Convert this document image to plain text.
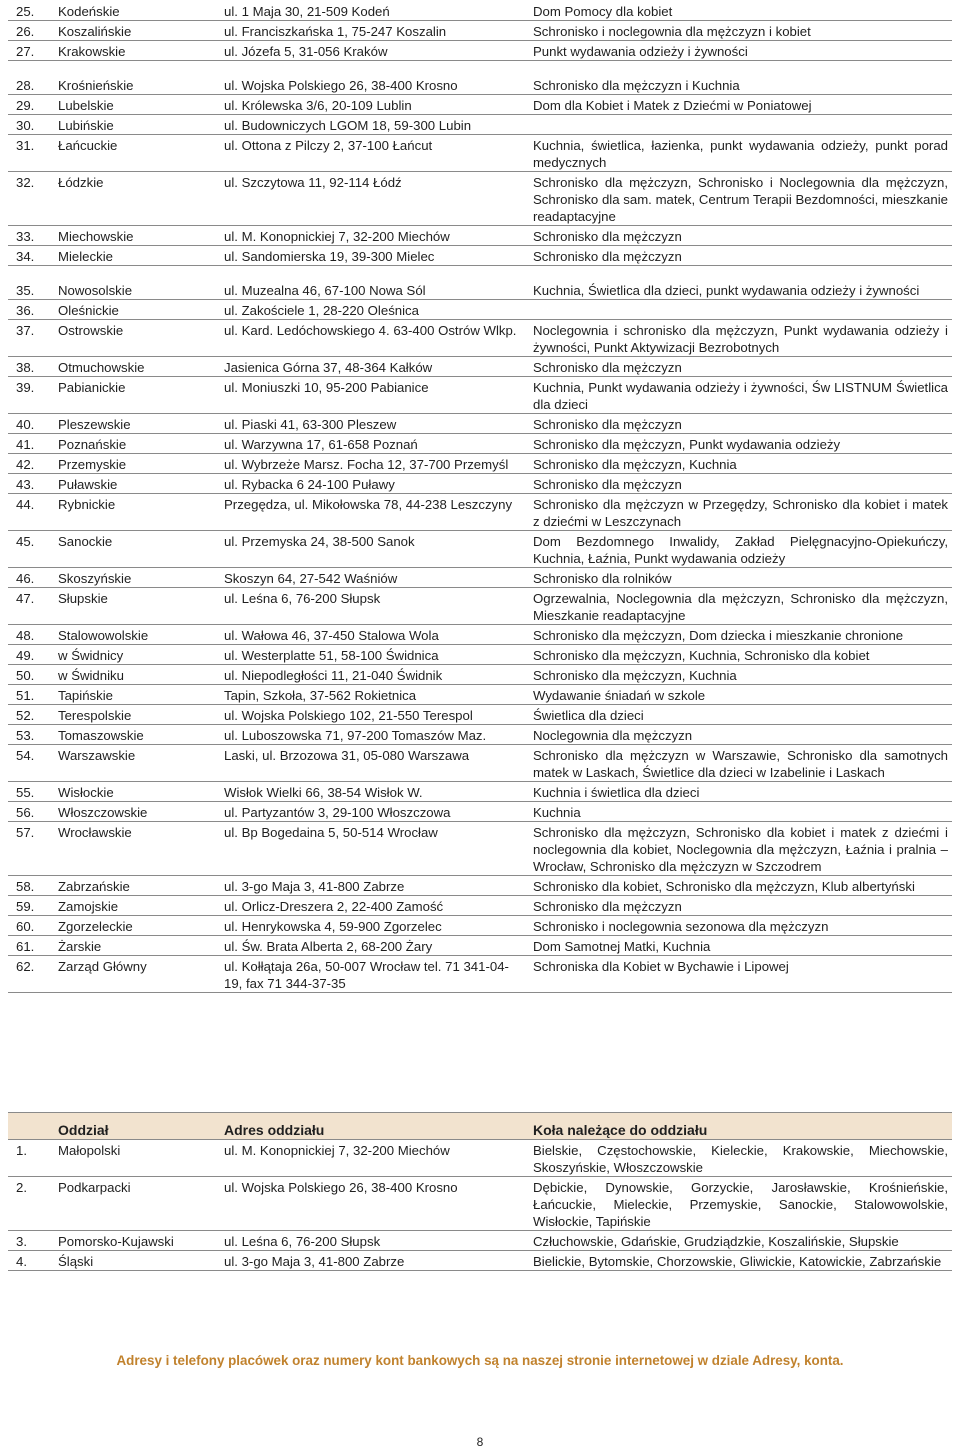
25.	Kodeńskie	ul. 1 Maja 30, 21-509 Kodeń	Dom Pomocy dla kobiet
26.	Koszalińskie	ul. Franciszkańska 1, 75-247 Koszalin	Schronisko i noclegownia dla mężczyzn i kobiet
27.	Krakowskie	ul. Józefa 5, 31-056 Kraków	Punkt wydawania odzieży i żywności

28.	Krośnieńskie	ul. Wojska Polskiego 26, 38-400 Krosno	Schronisko dla mężczyzn i Kuchnia
29.	Lubelskie	ul. Królewska 3/6, 20-109 Lublin	Dom dla Kobiet i Matek z Dziećmi w Poniatowej
30.	Lubińskie	ul. Budowniczych LGOM 18, 59-300 Lubin	
31.	Łańcuckie	ul. Ottona z Pilczy 2, 37-100 Łańcut	Kuchnia, świetlica, łazienka, punkt wydawania odzieży, punkt porad medycznych
32.	Łódzkie	ul. Szczytowa 11, 92-114 Łódź	Schronisko dla mężczyzn, Schronisko i Noclegownia dla mężczyzn, Schronisko dla sam. matek, Centrum Terapii Bezdomności, mieszkanie readaptacyjne
33.	Miechowskie	ul. M. Konopnickiej 7, 32-200 Miechów	Schronisko dla mężczyzn
34.	Mieleckie	ul. Sandomierska 19, 39-300 Mielec	Schronisko dla mężczyzn

35.	Nowosolskie	ul. Muzealna 46, 67-100 Nowa Sól	Kuchnia, Świetlica dla dzieci, punkt wydawania odzieży i żywności
36.	Oleśnickie	ul. Zakościele 1, 28-220 Oleśnica	
37.	Ostrowskie	ul. Kard. Ledóchowskiego 4. 63-400 Ostrów Wlkp.	Noclegownia i schronisko dla mężczyzn, Punkt wydawania odzieży i żywności, Punkt Aktywizacji Bezrobotnych
38.	Otmuchowskie	Jasienica Górna 37, 48-364 Kałków	Schronisko dla mężczyzn
39.	Pabianickie	ul. Moniuszki 10, 95-200 Pabianice	Kuchnia, Punkt wydawania odzieży i żywności, Św LISTNUM Świetlica dla dzieci
40.	Pleszewskie	ul. Piaski 41, 63-300 Pleszew	Schronisko dla mężczyzn
41.	Poznańskie	ul. Warzywna 17, 61-658 Poznań	Schronisko dla mężczyzn, Punkt wydawania odzieży
42.	Przemyskie	ul. Wybrzeże Marsz. Focha 12, 37-700 Przemyśl	Schronisko dla mężczyzn, Kuchnia
43.	Puławskie	ul. Rybacka 6 24-100 Puławy	Schronisko dla mężczyzn
44.	Rybnickie	Przegędza, ul. Mikołowska 78, 44-238 Leszczyny	Schronisko dla mężczyzn w Przegędzy, Schronisko dla kobiet i matek z dziećmi w Leszczynach
45.	Sanockie	ul. Przemyska 24, 38-500 Sanok	Dom Bezdomnego Inwalidy, Zakład Pielęgnacyjno-Opiekuńczy, Kuchnia, Łaźnia, Punkt wydawania odzieży
46.	Skoszyńskie	Skoszyn 64, 27-542 Waśniów	Schronisko dla rolników
47.	Słupskie	ul. Leśna 6, 76-200 Słupsk	Ogrzewalnia, Noclegownia dla mężczyzn, Schronisko dla mężczyzn, Mieszkanie readaptacyjne
48.	Stalowowolskie	ul. Wałowa 46, 37-450 Stalowa Wola	Schronisko dla mężczyzn, Dom dziecka i mieszkanie chronione
49.	w Świdnicy	ul. Westerplatte 51, 58-100 Świdnica	Schronisko dla mężczyzn, Kuchnia, Schronisko dla kobiet
50.	w Świdniku	ul. Niepodległości 11, 21-040 Świdnik	Schronisko dla mężczyzn, Kuchnia
51.	Tapińskie	Tapin, Szkoła, 37-562 Rokietnica	Wydawanie śniadań w szkole
52.	Terespolskie	ul. Wojska Polskiego 102, 21-550 Terespol	Świetlica dla dzieci
53.	Tomaszowskie	ul. Luboszowska 71, 97-200 Tomaszów Maz.	Noclegownia dla mężczyzn
54.	Warszawskie	Laski, ul. Brzozowa 31, 05-080 Warszawa	Schronisko dla mężczyzn w Warszawie, Schronisko dla samotnych matek w Laskach, Świetlice dla dzieci w Izabelinie i Laskach
55.	Wisłockie	Wisłok Wielki 66, 38-54 Wisłok W.	Kuchnia i świetlica dla dzieci
56.	Włoszczowskie	ul. Partyzantów 3, 29-100 Włoszczowa	Kuchnia
57.	Wrocławskie	ul. Bp Bogedaina 5, 50-514 Wrocław	Schronisko dla mężczyzn, Schronisko dla kobiet i matek z dziećmi i noclegownia dla kobiet, Noclegownia dla mężczyzn, Łaźnia i pralnia – Wrocław, Schronisko dla mężczyzn w Szczodrem
58.	Zabrzańskie	ul. 3-go Maja 3, 41-800 Zabrze	Schronisko dla kobiet, Schronisko dla mężczyzn, Klub albertyński
59.	Zamojskie	ul. Orlicz-Dreszera 2, 22-400 Zamość	Schronisko dla mężczyzn
60.	Zgorzeleckie	ul. Henrykowska 4, 59-900 Zgorzelec	Schronisko i noclegownia sezonowa dla mężczyzn
61.	Żarskie	ul. Św. Brata Alberta 2, 68-200 Żary	Dom Samotnej Matki, Kuchnia
62.	Zarząd Główny	ul. Kołłątaja 26a, 50-007 Wrocław tel. 71 341-04-19, fax 71 344-37-35	Schroniska dla Kobiet w Bychawie i Lipowej
	Oddział	Adres oddziału	Koła należące do oddziału
1.	Małopolski	ul. M. Konopnickiej 7, 32-200 Miechów	Bielskie, Częstochowskie, Kieleckie, Krakowskie, Miechowskie, Skoszyńskie, Włoszczowskie
2.	Podkarpacki	ul. Wojska Polskiego 26, 38-400 Krosno	Dębickie, Dynowskie, Gorzyckie, Jarosławskie, Krośnieńskie, Łańcuckie, Mieleckie, Przemyskie, Sanockie, Stalowowolskie, Wisłockie, Tapińskie
3.	Pomorsko-Kujawski	ul. Leśna 6, 76-200 Słupsk	Człuchowskie, Gdańskie, Grudziądzkie, Koszalińskie, Słupskie
4.	Śląski	ul. 3-go Maja 3, 41-800 Zabrze	Bielickie, Bytomskie, Chorzowskie, Gliwickie, Katowickie, Zabrzańskie
Adresy i telefony placówek oraz numery kont bankowych są na naszej stronie internetowej w dziale Adresy, konta.
8
